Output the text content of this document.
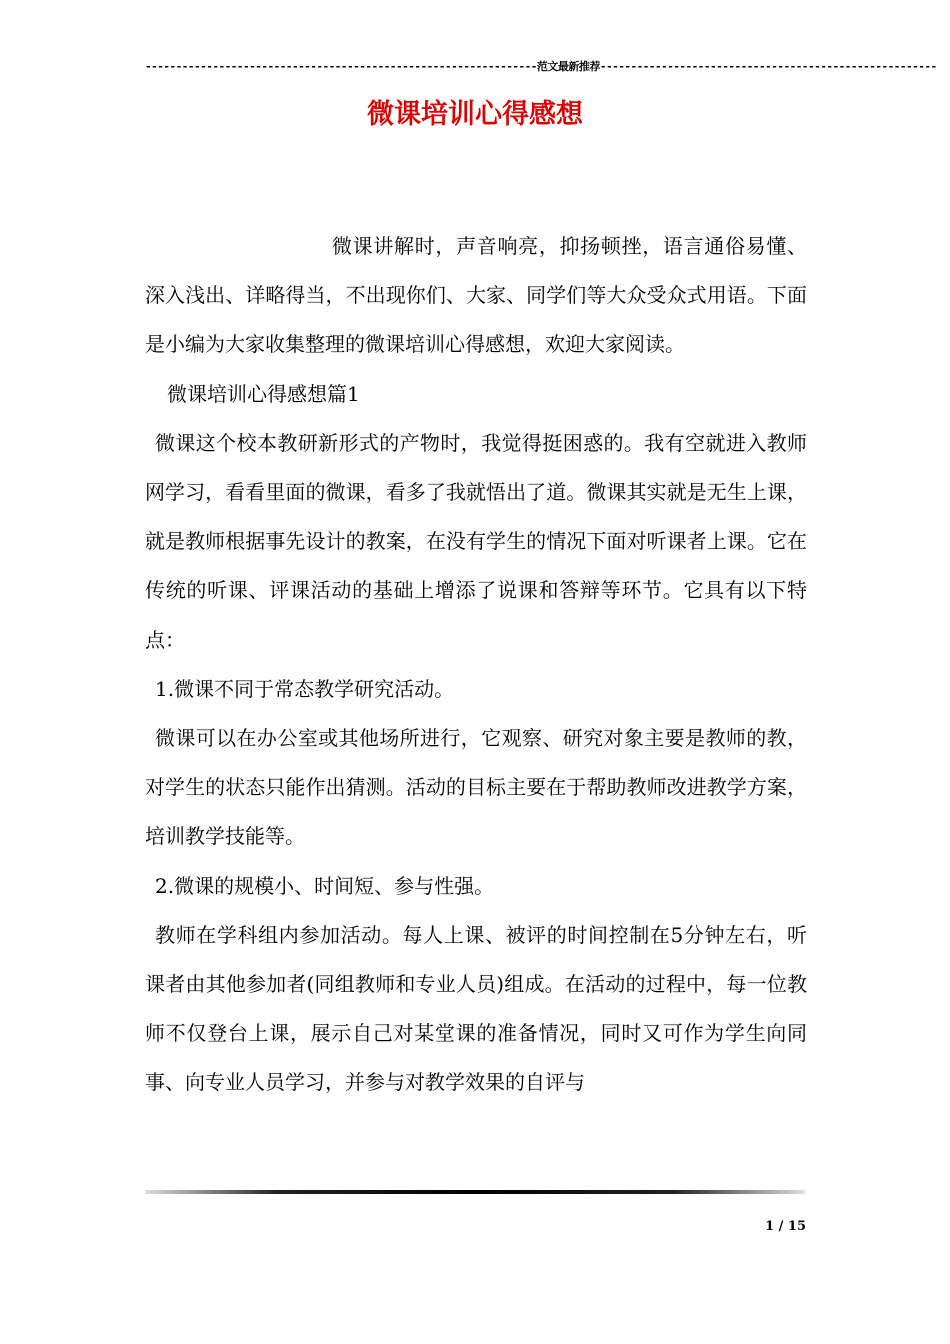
----------------------------------------------------------------范文最新推荐-------------------------------------------------------
微课培训心得感想

微课讲解时，声音响亮，抑扬顿挫，语言通俗易懂、深入浅出、详略得当，不出现你们、大家、同学们等大众受众式用语。下面是小编为大家收集整理的微课培训心得感想，欢迎大家阅读。

微课培训心得感想篇1

微课这个校本教研新形式的产物时，我觉得挺困惑的。我有空就进入教师网学习，看看里面的微课，看多了我就悟出了道。微课其实就是无生上课，就是教师根据事先设计的教案，在没有学生的情况下面对听课者上课。它在传统的听课、评课活动的基础上增添了说课和答辩等环节。它具有以下特点：

1.微课不同于常态教学研究活动。

微课可以在办公室或其他场所进行，它观察、研究对象主要是教师的教，对学生的状态只能作出猜测。活动的目标主要在于帮助教师改进教学方案，培训教学技能等。

2.微课的规模小、时间短、参与性强。

教师在学科组内参加活动。每人上课、被评的时间控制在5分钟左右，听课者由其他参加者(同组教师和专业人员)组成。在活动的过程中，每一位教师不仅登台上课，展示自己对某堂课的准备情况，同时又可作为学生向同事、向专业人员学习，并参与对教学效果的自评与

1 / 15
